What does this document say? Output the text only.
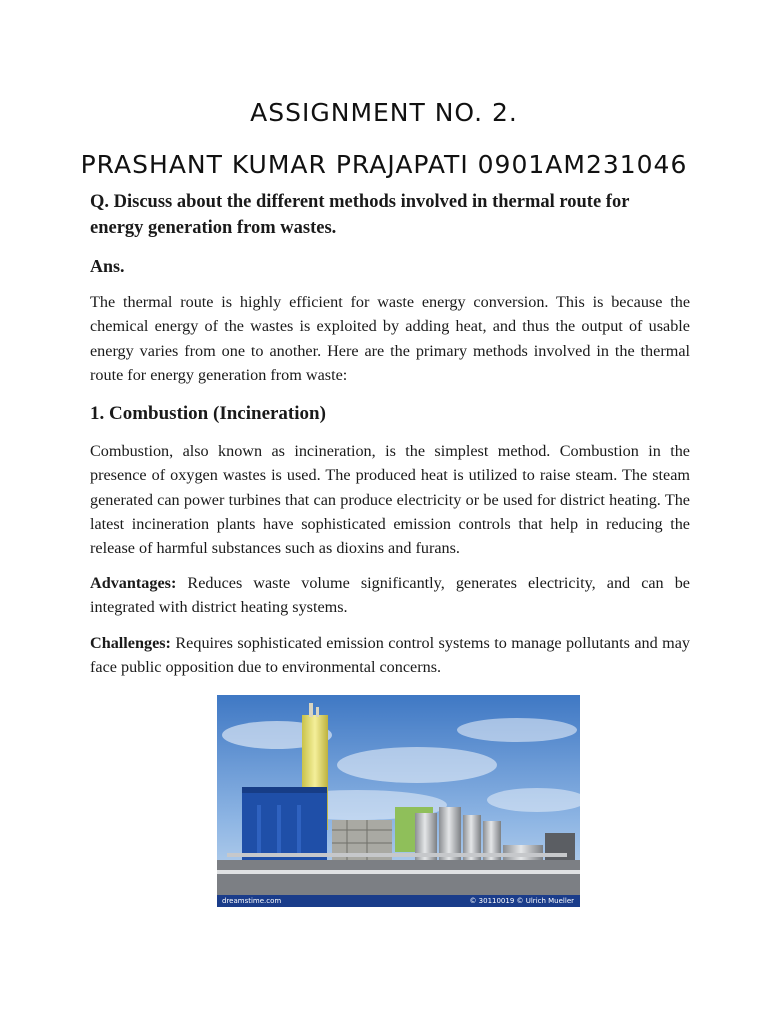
ASSIGNMENT NO. 2.
PRASHANT KUMAR PRAJAPATI 0901AM231046
Q. Discuss about the different methods involved in thermal route for energy generation from wastes.
Ans.
The thermal route is highly efficient for waste energy conversion. This is because the chemical energy of the wastes is exploited by adding heat, and thus the output of usable energy varies from one to another. Here are the primary methods involved in the thermal route for energy generation from waste:
1. Combustion (Incineration)
Combustion, also known as incineration, is the simplest method. Combustion in the presence of oxygen wastes is used. The produced heat is utilized to raise steam. The steam generated can power turbines that can produce electricity or be used for district heating. The latest incineration plants have sophisticated emission controls that help in reducing the release of harmful substances such as dioxins and furans.
Advantages: Reduces waste volume significantly, generates electricity, and can be integrated with district heating systems.
Challenges: Requires sophisticated emission control systems to manage pollutants and may face public opposition due to environmental concerns.
dreamstime.com	© 30110019 © Ulrich Mueller
